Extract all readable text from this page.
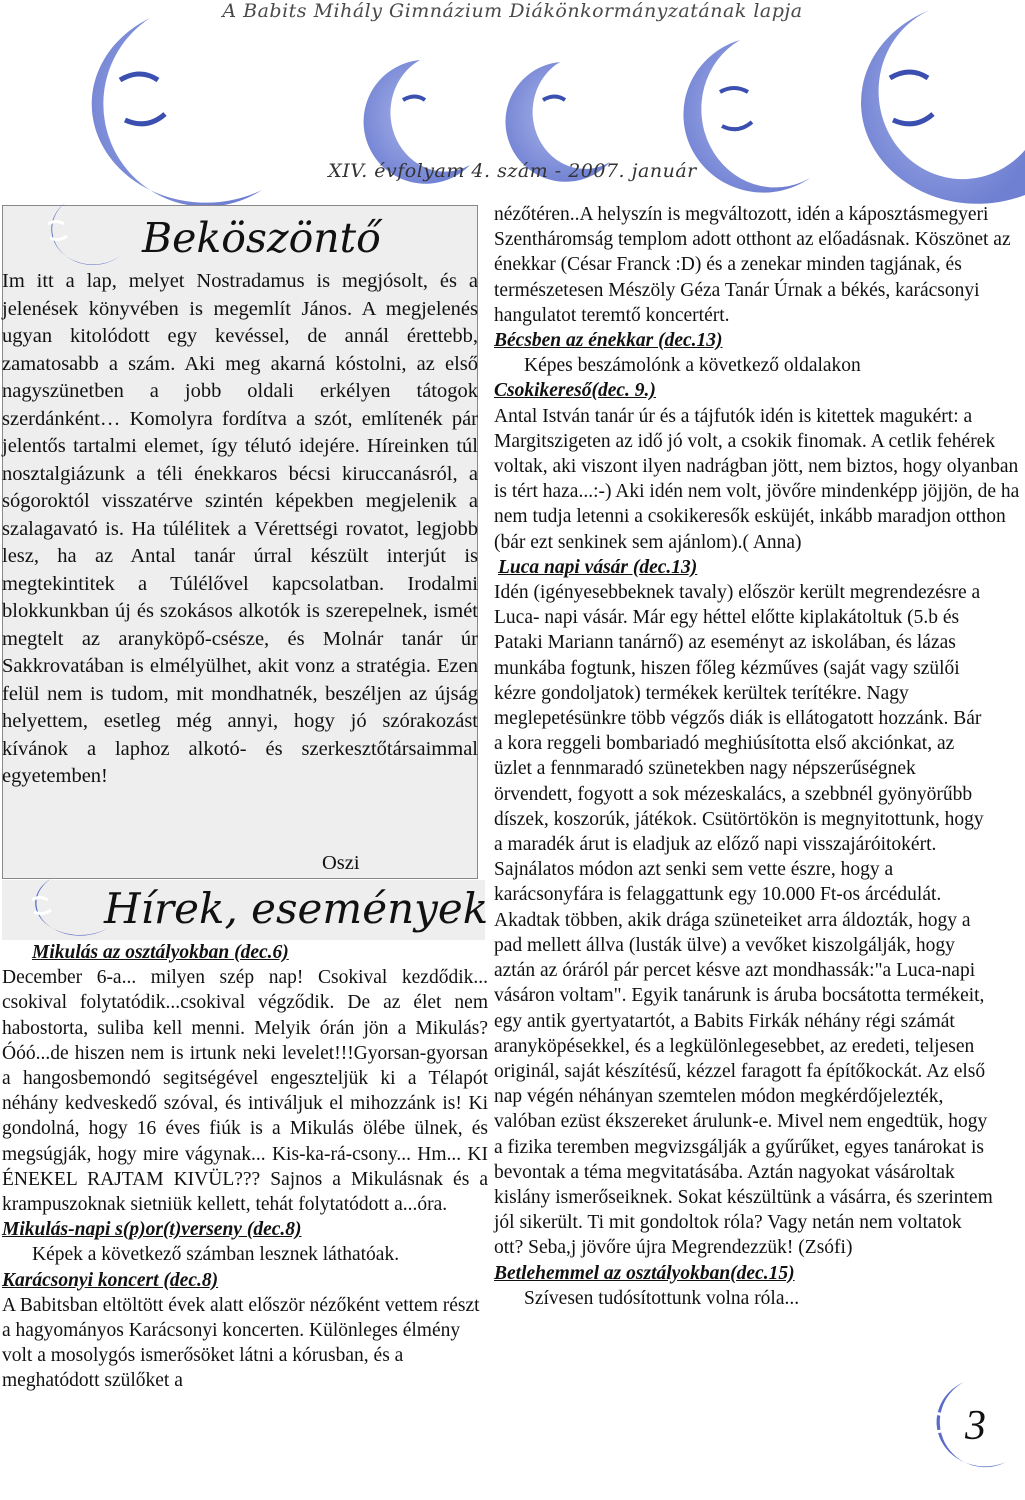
A Babits Mihály Gimnázium Diákönkormányzatának lapja
XIV. évfolyam 4. szám - 2007. január
Beköszöntő
Im itt a lap, melyet Nostradamus is megjósolt, és a jelenések könyvében is megemlít János. A megjelenés ugyan kitolódott egy kevéssel, de annál érettebb, zamatosabb a szám. Aki meg akarná kóstolni, az első nagyszünetben a jobb oldali erkélyen tátogok szerdánként… Komolyra fordítva a szót, említenék pár jelentős tartalmi elemet, így télutó idejére. Híreinken túl nosztalgiázunk a téli énekkaros bécsi kiruccanásról, a sógoroktól visszatérve szintén képekben megjelenik a szalagavató is. Ha túlélitek a Vérettségi rovatot, legjobb lesz, ha az Antal tanár úrral készült interjút is megtekintitek a Túlélővel kapcsolatban. Irodalmi blokkunkban új és szokásos alkotók is szerepelnek, ismét megtelt az aranyköpő-csésze, és Molnár tanár úr Sakkrovatában is elmélyülhet, akit vonz a stratégia. Ezen felül nem is tudom, mit mondhatnék, beszéljen az újság helyettem, esetleg még annyi, hogy jó szórakozást kívánok a laphoz alkotó- és szerkesztőtársaimmal egyetemben!
Oszi
Hírek, események

Mikulás az osztályokban (dec.6)

December 6-a... milyen szép nap! Csokival kezdődik... csokival folytatódik...csokival végződik. De az élet nem habostorta, suliba kell menni. Melyik órán jön a Mikulás? Óóó...de hiszen nem is irtunk neki levelet!!!Gyorsan-gyorsan a hangosbemondó segitségével engeszteljük ki a Télapót néhány kedveskedő szóval, és intiváljuk el mihozzánk is! Ki gondolná, hogy 16 éves fiúk is a Mikulás ölébe ülnek, és megsúgják, hogy mire vágynak... Kis-ka-rá-csony... Hm... KI ÉNEKEL RAJTAM KIVÜL??? Sajnos a Mikulásnak és a krampuszoknak sietniük kellett, tehát folytatódott a...óra.

Mikulás-napi s(p)or(t)verseny (dec.8)

Képek a következő számban lesznek láthatóak.

Karácsonyi koncert (dec.8)

A Babitsban eltöltött évek alatt először nézőként vettem részt a hagyományos Karácsonyi koncerten. Különleges élmény volt a mosolygós ismerősöket látni a kórusban, és a meghatódott szülőket a

nézőtéren..A helyszín is megváltozott, idén a káposztásmegyeri Szentháromság templom adott otthont az előadásnak. Köszönet az énekkar (César Franck :D) és a zenekar minden tagjának, és természetesen Mészöly Géza Tanár Úrnak a békés, karácsonyi hangulatot teremtő koncertért.

Bécsben az énekkar (dec.13)

Képes beszámolónk a következő oldalakon

Csokikereső(dec. 9.)

Antal István tanár úr és a tájfutók idén is kitettek magukért: a Margitszigeten az idő jó volt, a csokik finomak. A cetlik fehérek voltak, aki viszont ilyen nadrágban jött, nem biztos, hogy olyanban is tért haza...:-) Aki idén nem volt, jövőre mindenképp jöjjön, de ha nem tudja letenni a csokikeresők esküjét, inkább maradjon otthon (bár ezt senkinek sem ajánlom).( Anna)

Luca napi vásár (dec.13)

Idén (igényesebbeknek tavaly) először került megrendezésre a Luca- napi vásár. Már egy héttel előtte kiplakátoltuk (5.b és Pataki Mariann tanárnő) az eseményt az iskolában, és lázas munkába fogtunk, hiszen főleg kézműves (saját vagy szülői kézre gondoljatok) termékek kerültek terítékre. Nagy meglepetésünkre több végzős diák is ellátogatott hozzánk. Bár a kora reggeli bombariadó meghiúsította első akciónkat, az üzlet a fennmaradó szünetekben nagy népszerűségnek örvendett, fogyott a sok mézeskalács, a szebbnél gyönyörűbb díszek, koszorúk, játékok. Csütörtökön is megnyitottunk, hogy a maradék árut is eladjuk az előző napi visszajáróitokért. Sajnálatos módon azt senki sem vette észre, hogy a karácsonyfára is felaggattunk egy 10.000 Ft-os árcédulát. Akadtak többen, akik drága szüneteiket arra áldozták, hogy a pad mellett állva (lusták ülve) a vevőket kiszolgálják, hogy aztán az óráról pár percet késve azt mondhassák:"a Luca-napi vásáron voltam". Egyik tanárunk is áruba bocsátotta termékeit, egy antik gyertyatartót, a Babits Firkák néhány régi számát aranyköpésekkel, és a legkülönlegesebbet, az eredeti, teljesen originál, saját készítésű, kézzel faragott fa építőkockát. Az első nap végén néhányan szemtelen módon megkérdőjelezték, valóban ezüst ékszereket árulunk-e. Mivel nem engedtük, hogy a fizika teremben megvizsgálják a gyűrűket, egyes tanárokat is bevontak a téma megvitatásába. Aztán nagyokat vásároltak kislány ismerőseiknek. Sokat készültünk a vásárra, és szerintem jól sikerült. Ti mit gondoltok róla? Vagy netán nem voltatok ott? Seba,j jövőre újra Megrendezzük! (Zsófi)

Betlehemmel az osztályokban(dec.15)

Szívesen tudósítottunk volna róla...

3
